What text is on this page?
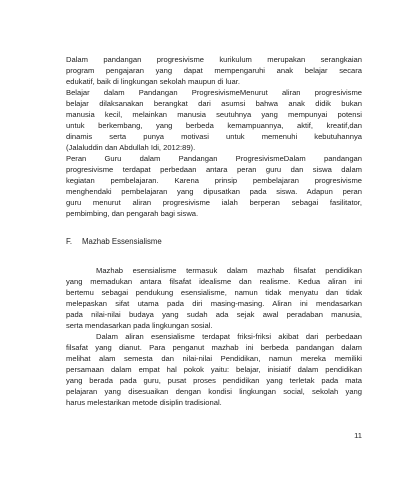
Dalam pandangan progresivisme kurikulum merupakan serangkaian
program pengajaran yang dapat mempengaruhi anak belajar secara
edukatif, baik di lingkungan sekolah maupun di luar.
Belajar dalam Pandangan ProgresivismeMenurut aliran progresivisme
belajar dilaksanakan berangkat dari asumsi bahwa anak didik bukan
manusia kecil, melainkan manusia seutuhnya yang mempunyai potensi
untuk berkembang, yang berbeda kemampuannya, aktif, kreatif,dan
dinamis serta punya motivasi untuk memenuhi kebutuhannya
(Jalaluddin dan Abdullah Idi, 2012:89).
Peran Guru dalam Pandangan ProgresivismeDalam pandangan
progresivisme terdapat perbedaan antara peran guru dan siswa dalam
kegiatan pembelajaran. Karena prinsip pembelajaran progresivisme
menghendaki pembelajaran yang dipusatkan pada siswa. Adapun peran
guru menurut aliran progresivisme ialah berperan sebagai fasilitator,
pembimbing, dan pengarah bagi siswa.
F. Mazhab Essensialisme
Mazhab esensialisme termasuk dalam mazhab filsafat pendidikan
yang memadukan antara filsafat idealisme dan realisme. Kedua aliran ini
bertemu sebagai pendukung esensialisme, namun tidak menyatu dan tidak
melepaskan sifat utama pada diri masing-masing. Aliran ini mendasarkan
pada nilai-nilai budaya yang sudah ada sejak awal peradaban manusia,
serta mendasarkan pada lingkungan sosial.
Dalam aliran esensialisme terdapat friksi-friksi akibat dari perbedaan
filsafat yang dianut. Para penganut mazhab ini berbeda pandangan dalam
melihat alam semesta dan nilai-nilai Pendidikan, namun mereka memiliki
persamaan dalam empat hal pokok yaitu: belajar, inisiatif dalam pendidikan
yang berada pada guru, pusat proses pendidikan yang terletak pada mata
pelajaran yang disesuaikan dengan kondisi lingkungan social, sekolah yang
harus melestarikan metode disiplin tradisional.
11
